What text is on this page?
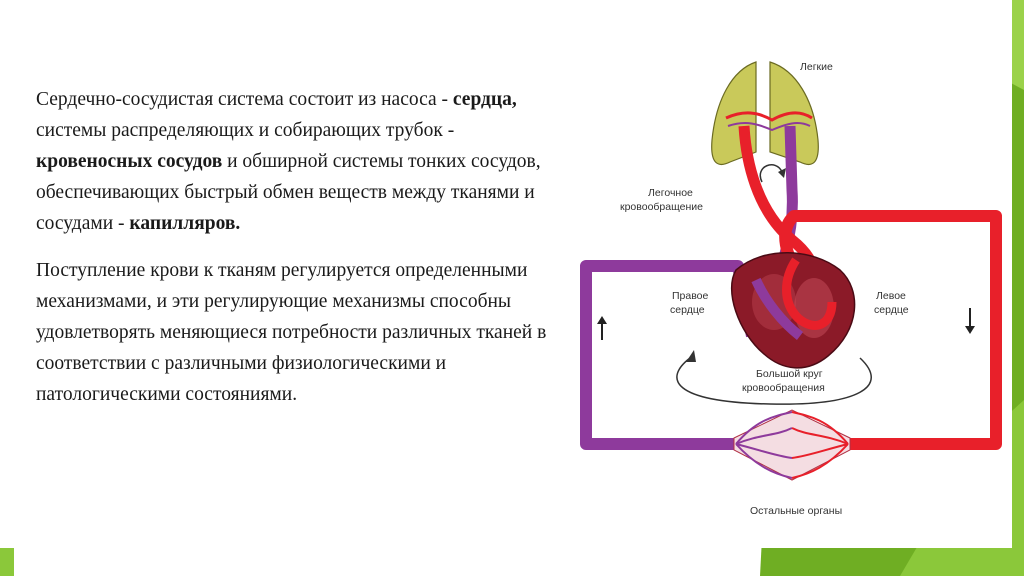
Сердечно-сосудистая система состоит из насоса - сердца, системы распределяющих и собирающих трубок - кровеносных сосудов и обширной системы тонких сосудов, обеспечивающих быстрый обмен веществ между тканями и сосудами - капилляров.

Поступление крови к тканям регулируется определенными механизмами, и эти регулирующие механизмы способны удовлетворять меняющиеся потребности различных тканей в соответствии с различными физиологическими и патологическими состояниями.

Легкие
Легочное
кровообращение
Правое
сердце
Левое
сердце
Большой круг
кровообращения
Остальные органы
